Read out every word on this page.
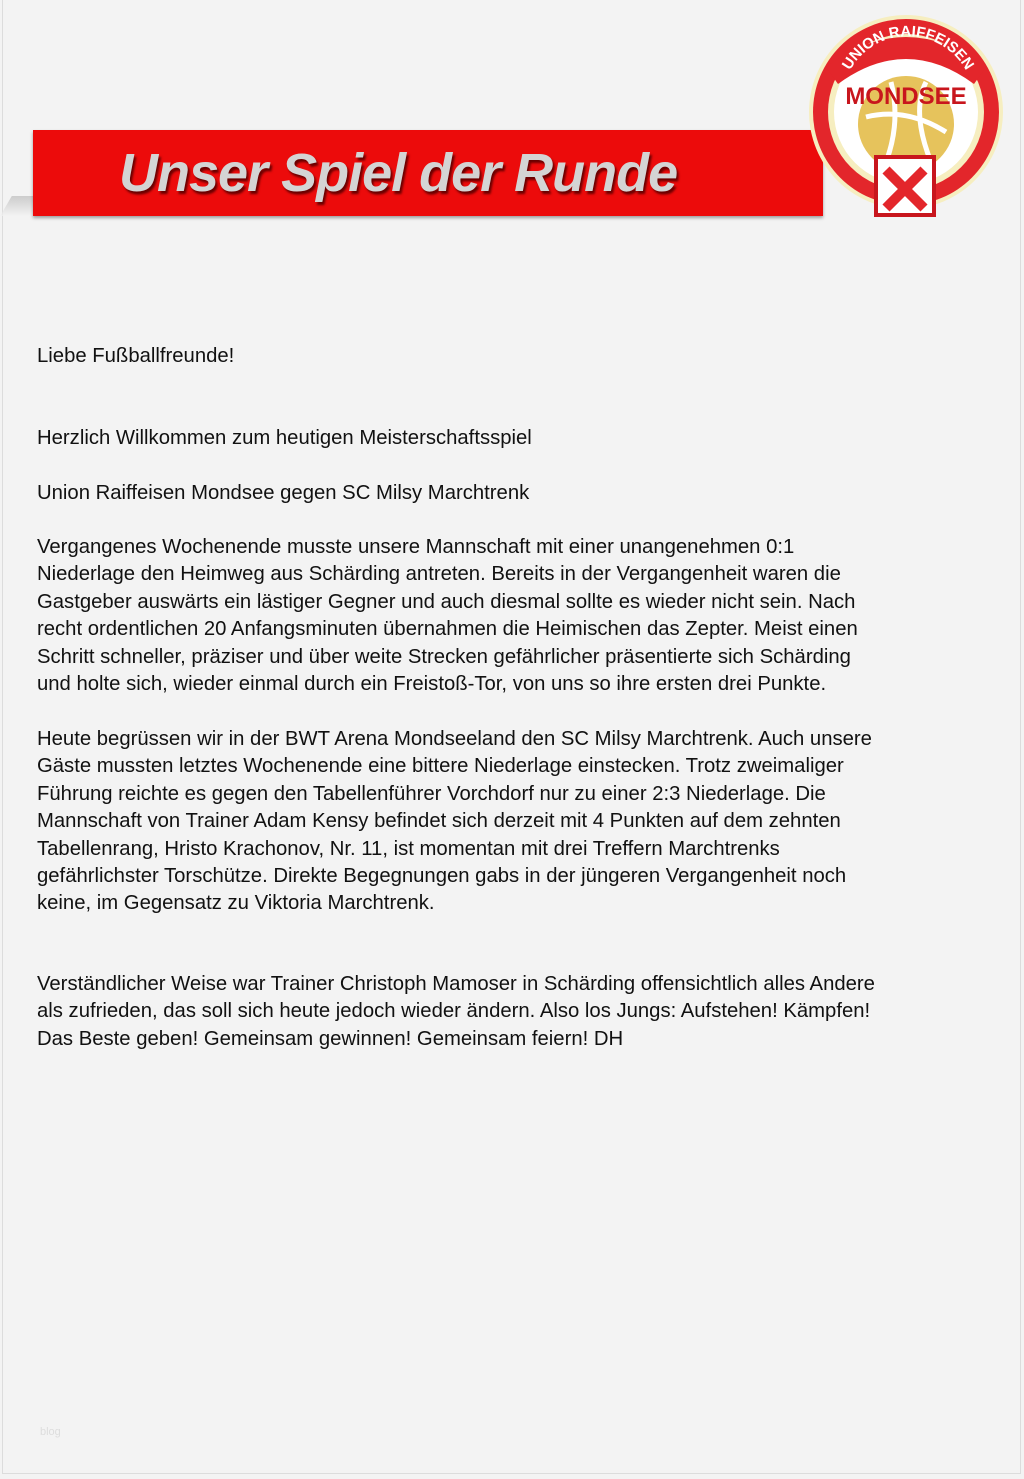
Unser Spiel der Runde
UNION RAIFFEISEN
MONDSEE
Liebe Fußballfreunde!
Herzlich Willkommen zum heutigen Meisterschaftsspiel
Union Raiffeisen Mondsee gegen SC Milsy Marchtrenk
Vergangenes Wochenende musste unsere Mannschaft mit einer unangenehmen 0:1
Niederlage den Heimweg aus Schärding antreten. Bereits in der Vergangenheit waren die
Gastgeber auswärts ein lästiger Gegner und auch diesmal sollte es wieder nicht sein. Nach
recht ordentlichen 20 Anfangsminuten übernahmen die Heimischen das Zepter. Meist einen
Schritt schneller, präziser und über weite Strecken gefährlicher präsentierte sich Schärding
und holte sich, wieder einmal durch ein Freistoß-Tor, von uns so ihre ersten drei Punkte.
Heute begrüssen wir in der BWT Arena Mondseeland den SC Milsy Marchtrenk. Auch unsere
Gäste mussten letztes Wochenende eine bittere Niederlage einstecken. Trotz zweimaliger
Führung reichte es gegen den Tabellenführer Vorchdorf nur zu einer 2:3 Niederlage. Die
Mannschaft von Trainer Adam Kensy befindet sich derzeit mit 4 Punkten auf dem zehnten
Tabellenrang, Hristo Krachonov, Nr. 11, ist momentan mit drei Treffern Marchtrenks
gefährlichster Torschütze. Direkte Begegnungen gabs in der jüngeren Vergangenheit noch
keine, im Gegensatz zu Viktoria Marchtrenk.
Verständlicher Weise war Trainer Christoph Mamoser in Schärding offensichtlich alles Andere
als zufrieden, das soll sich heute jedoch wieder ändern. Also los Jungs: Aufstehen! Kämpfen!
Das Beste geben! Gemeinsam gewinnen! Gemeinsam feiern! DH
blog
